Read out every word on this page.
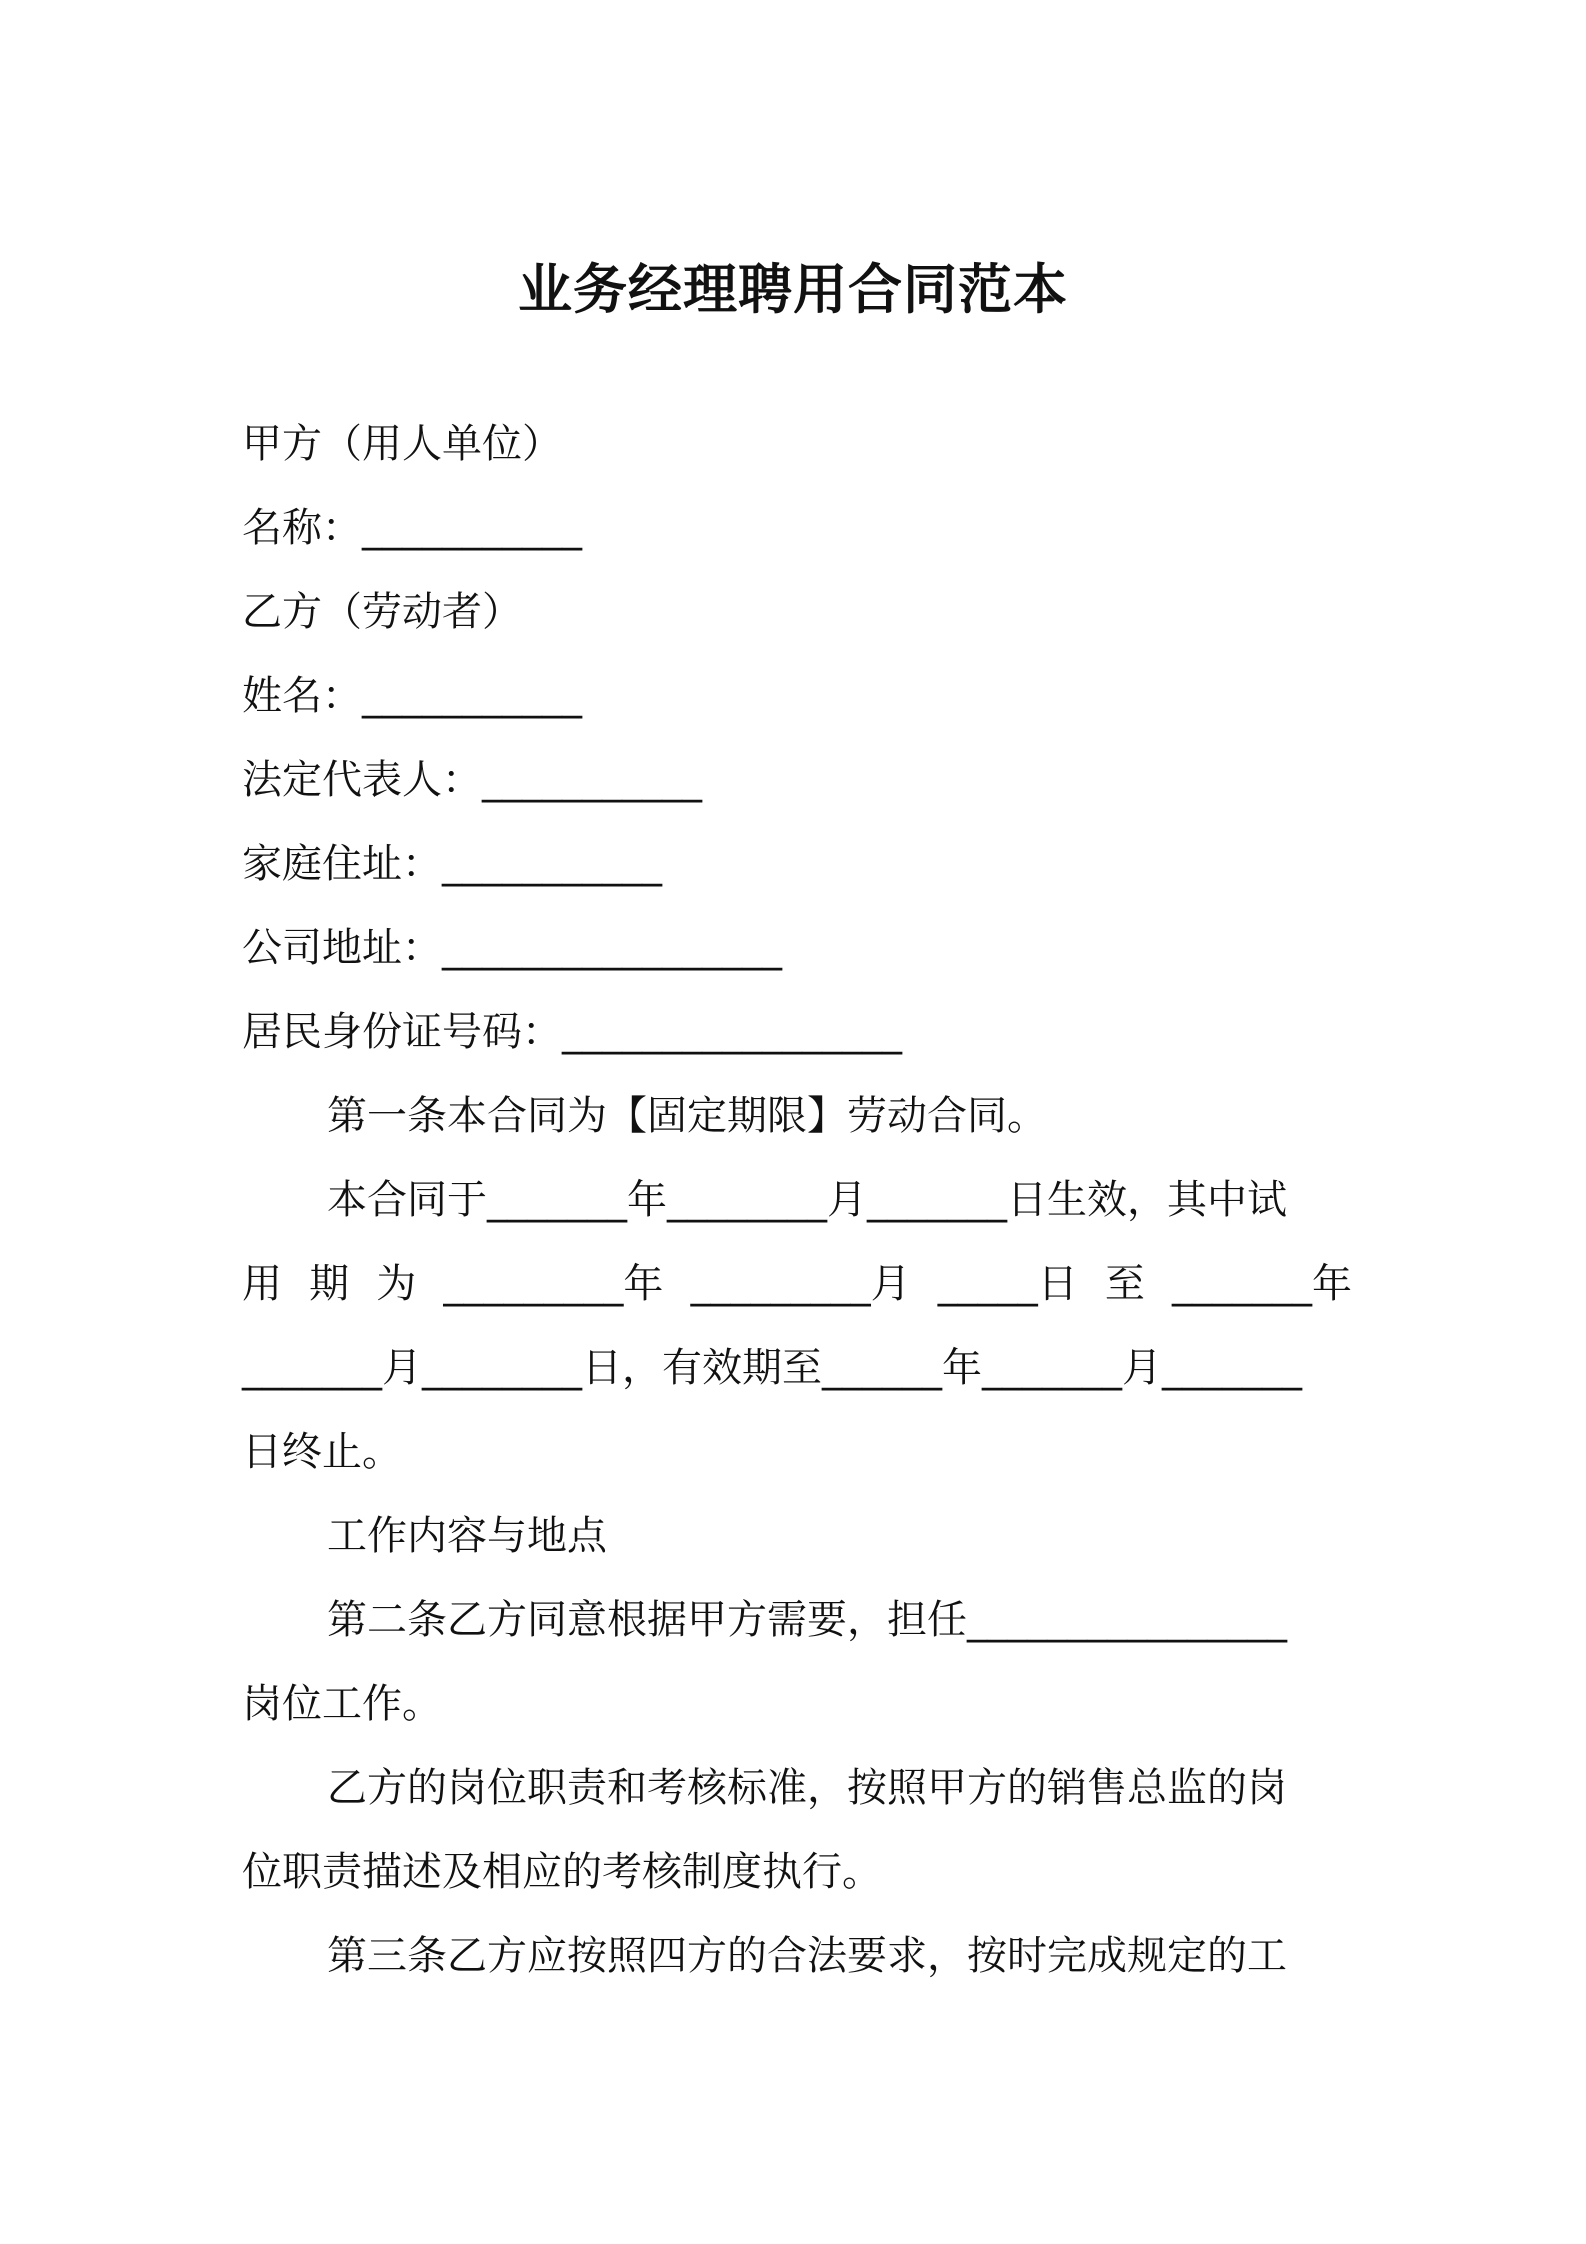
业务经理聘用合同范本

甲方（用人单位）

名称：___________

乙方（劳动者）

姓名：___________

法定代表人：___________

家庭住址：___________

公司地址：_________________

居民身份证号码：_________________

第一条本合同为【固定期限】劳动合同。

本合同于_______年________月_______日生效，其中试

用 期 为 _________年 _________月 _____日 至 _______年

_______月________日，有效期至______年_______月_______

日终止。

工作内容与地点

第二条乙方同意根据甲方需要，担任________________

岗位工作。

乙方的岗位职责和考核标准，按照甲方的销售总监的岗

位职责描述及相应的考核制度执行。

第三条乙方应按照四方的合法要求，按时完成规定的工
